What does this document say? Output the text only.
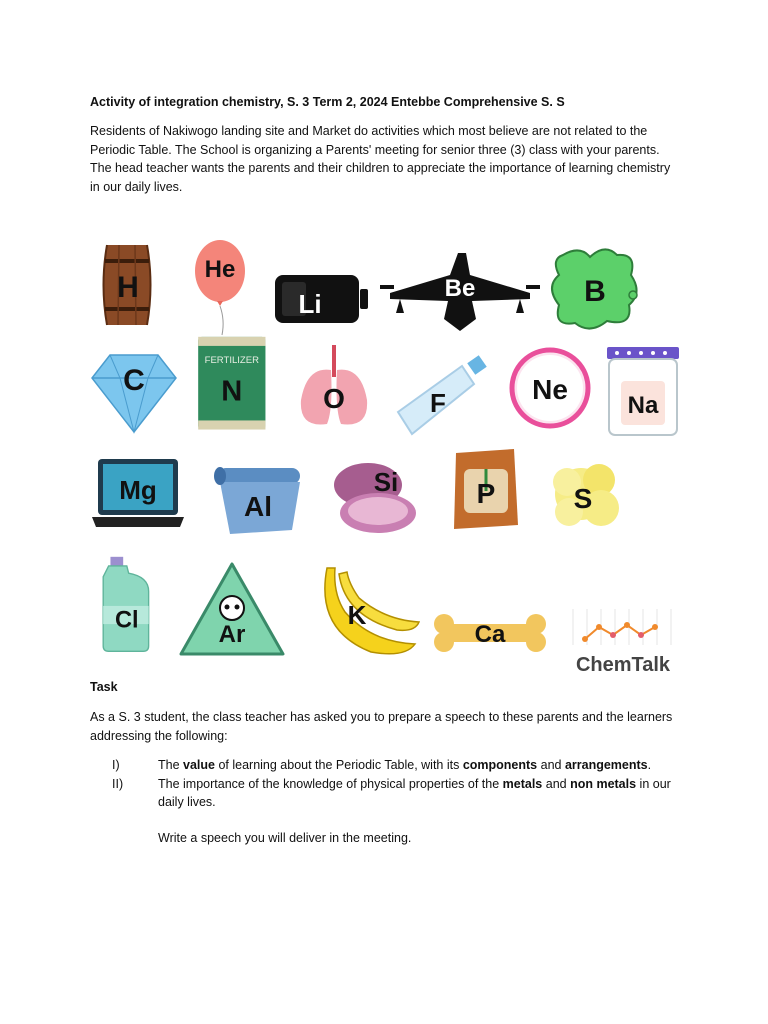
Activity of integration chemistry, S. 3 Term 2, 2024 Entebbe Comprehensive S. S

Residents of Nakiwogo landing site and Market do activities which most believe are not related to the Periodic Table. The School is organizing a Parents' meeting for senior three (3) class with your parents. The head teacher wants the parents and their children to appreciate the importance of learning chemistry in our daily lives.

H
He
Li
Be	B
C
FERTILIZER
N	O	F	Ne
Na
Mg
Al
Si	P	S
Cl
Ar
K
Ca
ChemTalk

Task

As a S. 3 student, the class teacher has asked you to prepare a speech to these parents and the learners addressing the following:

I)	The value of learning about the Periodic Table, with its components and arrangements.
II)	The importance of the knowledge of physical properties of the metals and non metals in our daily lives.

Write a speech you will deliver in the meeting.
